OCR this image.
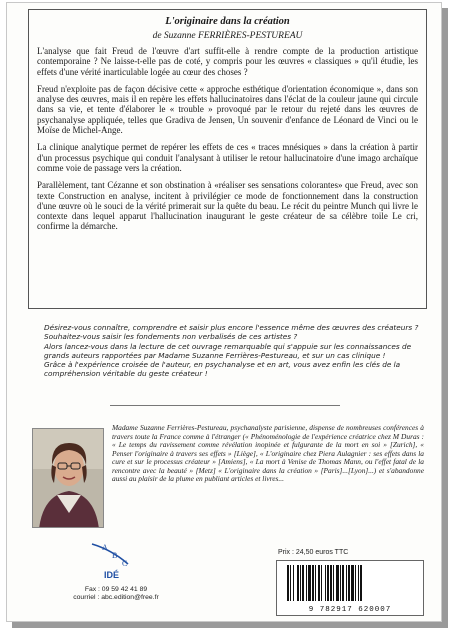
L'originaire dans la création
de Suzanne FERRIÈRES-PESTUREAU

L'analyse que fait Freud de l'œuvre d'art suffit-elle à rendre compte de la production artistique contemporaine ? Ne laisse-t-elle pas de coté, y compris pour les œuvres « classiques » qu'il étudie, les effets d'une vérité inarticulable logée au cœur des choses ?

Freud n'exploite pas de façon décisive cette « approche esthétique d'orientation économique », dans son analyse des œuvres, mais il en repère les effets hallucinatoires dans l'éclat de la couleur jaune qui circule dans sa vie, et tente d'élaborer le « trouble » provoqué par le retour du rejeté dans les œuvres de psychanalyse appliquée, telles que Gradiva de Jensen, Un souvenir d'enfance de Léonard de Vinci ou le Moïse de Michel-Ange.

La clinique analytique permet de repérer les effets de ces « traces mnésiques » dans la création à partir d'un processus psychique qui conduit l'analysant à utiliser le retour hallucinatoire d'une imago archaïque comme voie de passage vers la création.

Parallèlement, tant Cézanne et son obstination à «réaliser ses sensations colorantes» que Freud, avec son texte Construction en analyse, incitent à privilégier ce mode de fonctionnement dans la construction d'une œuvre où le souci de la vérité primerait sur la quête du beau. Le récit du peintre Munch qui livre le contexte dans lequel apparut l'hallucination inaugurant le geste créateur de sa célèbre toile Le cri, confirme la démarche.

Désirez-vous connaître, comprendre et saisir plus encore l'essence même des œuvres des créateurs ?

Souhaitez-vous saisir les fondements non verbalisés de ces artistes ?

Alors lancez-vous dans la lecture de cet ouvrage remarquable qui s'appuie sur les connaissances de grands auteurs rapportées par Madame Suzanne Ferrières-Pestureau, et sur un cas clinique !

Grâce à l'expérience croisée de l'auteur, en psychanalyse et en art, vous avez enfin les clés de la compréhension véritable du geste créateur !

Madame Suzanne Ferrières-Pestureau, psychanalyste parisienne, dispense de nombreuses conférences à travers toute la France comme à l'étranger (« Phénoménologie de l'expérience créatrice chez M Duras : « Le temps du ravissement comme révélation inopinée et fulgurante de la mort en soi » [Zurich], « Penser l'originaire à travers ses effets » [Liège], « L'originaire chez Piera Aulagnier : ses effets dans la cure et sur le processus créateur » [Amiens], « La mort à Venise de Thomas Mann, ou l'effet fatal de la rencontre avec la beauté » [Metz] « L'originaire dans la création » [Paris]...[Lyon]...) et s'abandonne aussi au plaisir de la plume en publiant articles et livres...
A
B
C
IDÉ
Fax : 09 59 42 41 89
courriel : abc.edition@free.fr
Prix : 24,50 euros TTC
9 782917 620007
